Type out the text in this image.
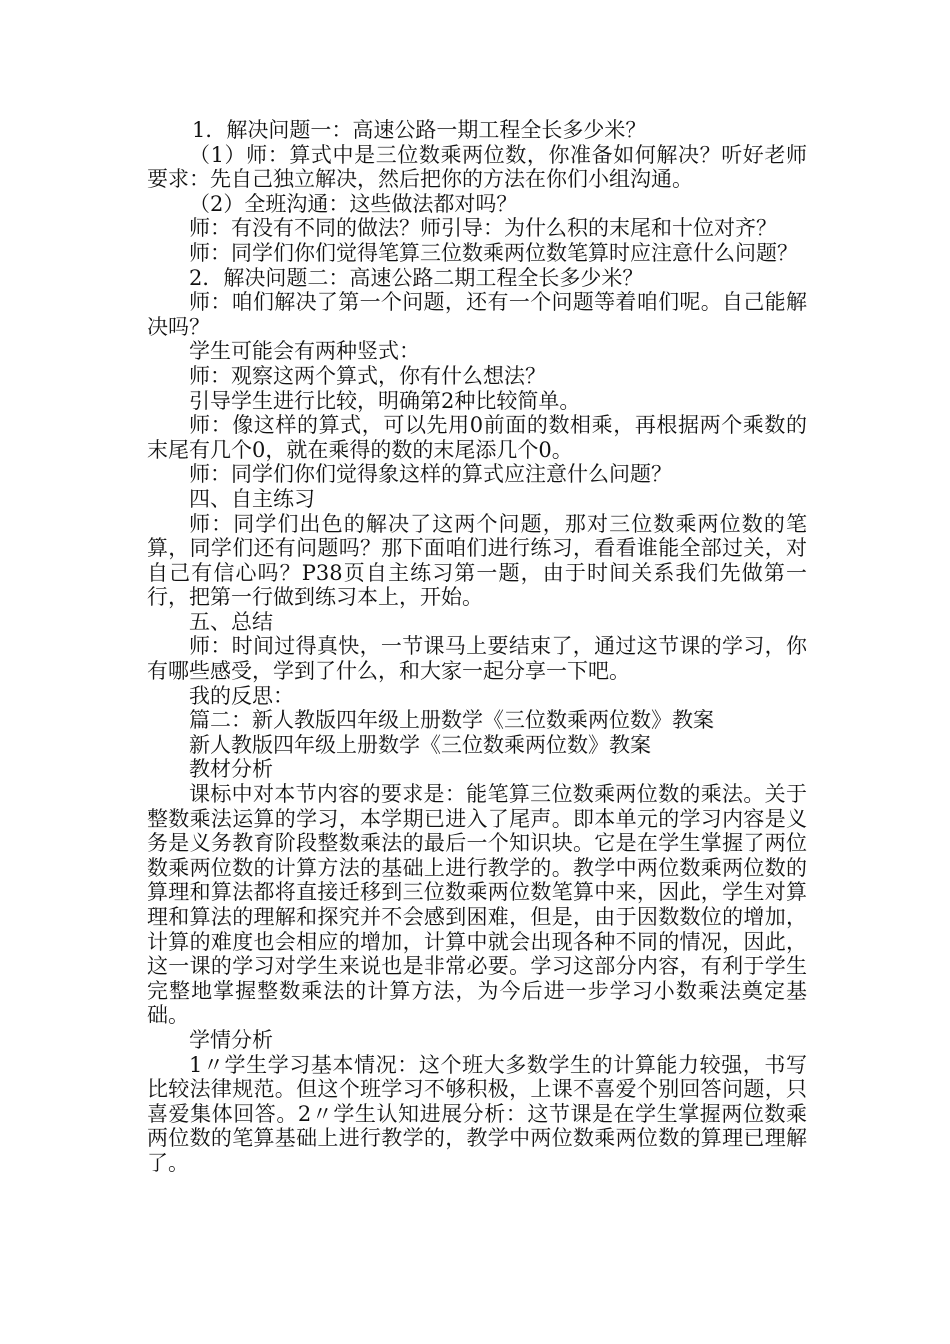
1．解决问题一：高速公路一期工程全长多少米？

（1）师：算式中是三位数乘两位数，你准备如何解决？听好老师要求：先自己独立解决，然后把你的方法在你们小组沟通。

（2）全班沟通：这些做法都对吗？

师：有没有不同的做法？师引导：为什么积的末尾和十位对齐？

师：同学们你们觉得笔算三位数乘两位数笔算时应注意什么问题？

2．解决问题二：高速公路二期工程全长多少米？

师：咱们解决了第一个问题，还有一个问题等着咱们呢。自己能解决吗？

学生可能会有两种竖式：

师：观察这两个算式，你有什么想法？

引导学生进行比较，明确第2种比较简单。

师：像这样的算式，可以先用0前面的数相乘，再根据两个乘数的末尾有几个0，就在乘得的数的末尾添几个0。

师：同学们你们觉得象这样的算式应注意什么问题？

四、自主练习

师：同学们出色的解决了这两个问题，那对三位数乘两位数的笔算，同学们还有问题吗？那下面咱们进行练习，看看谁能全部过关，对自己有信心吗？P38页自主练习第一题，由于时间关系我们先做第一行，把第一行做到练习本上，开始。

五、总结

师：时间过得真快，一节课马上要结束了，通过这节课的学习，你有哪些感受，学到了什么，和大家一起分享一下吧。

我的反思：

篇二：新人教版四年级上册数学《三位数乘两位数》教案

新人教版四年级上册数学《三位数乘两位数》教案

教材分析

课标中对本节内容的要求是：能笔算三位数乘两位数的乘法。关于整数乘法运算的学习，本学期已进入了尾声。即本单元的学习内容是义务是义务教育阶段整数乘法的最后一个知识块。它是在学生掌握了两位数乘两位数的计算方法的基础上进行教学的。教学中两位数乘两位数的算理和算法都将直接迁移到三位数乘两位数笔算中来，因此，学生对算理和算法的理解和探究并不会感到困难，但是，由于因数数位的增加，计算的难度也会相应的增加，计算中就会出现各种不同的情况，因此，这一课的学习对学生来说也是非常必要。学习这部分内容，有利于学生完整地掌握整数乘法的计算方法，为今后进一步学习小数乘法奠定基础。

学情分析

1〃学生学习基本情况：这个班大多数学生的计算能力较强，书写比较法律规范。但这个班学习不够积极，上课不喜爱个别回答问题，只喜爱集体回答。2〃学生认知进展分析：这节课是在学生掌握两位数乘两位数的笔算基础上进行教学的，教学中两位数乘两位数的算理已理解了。
